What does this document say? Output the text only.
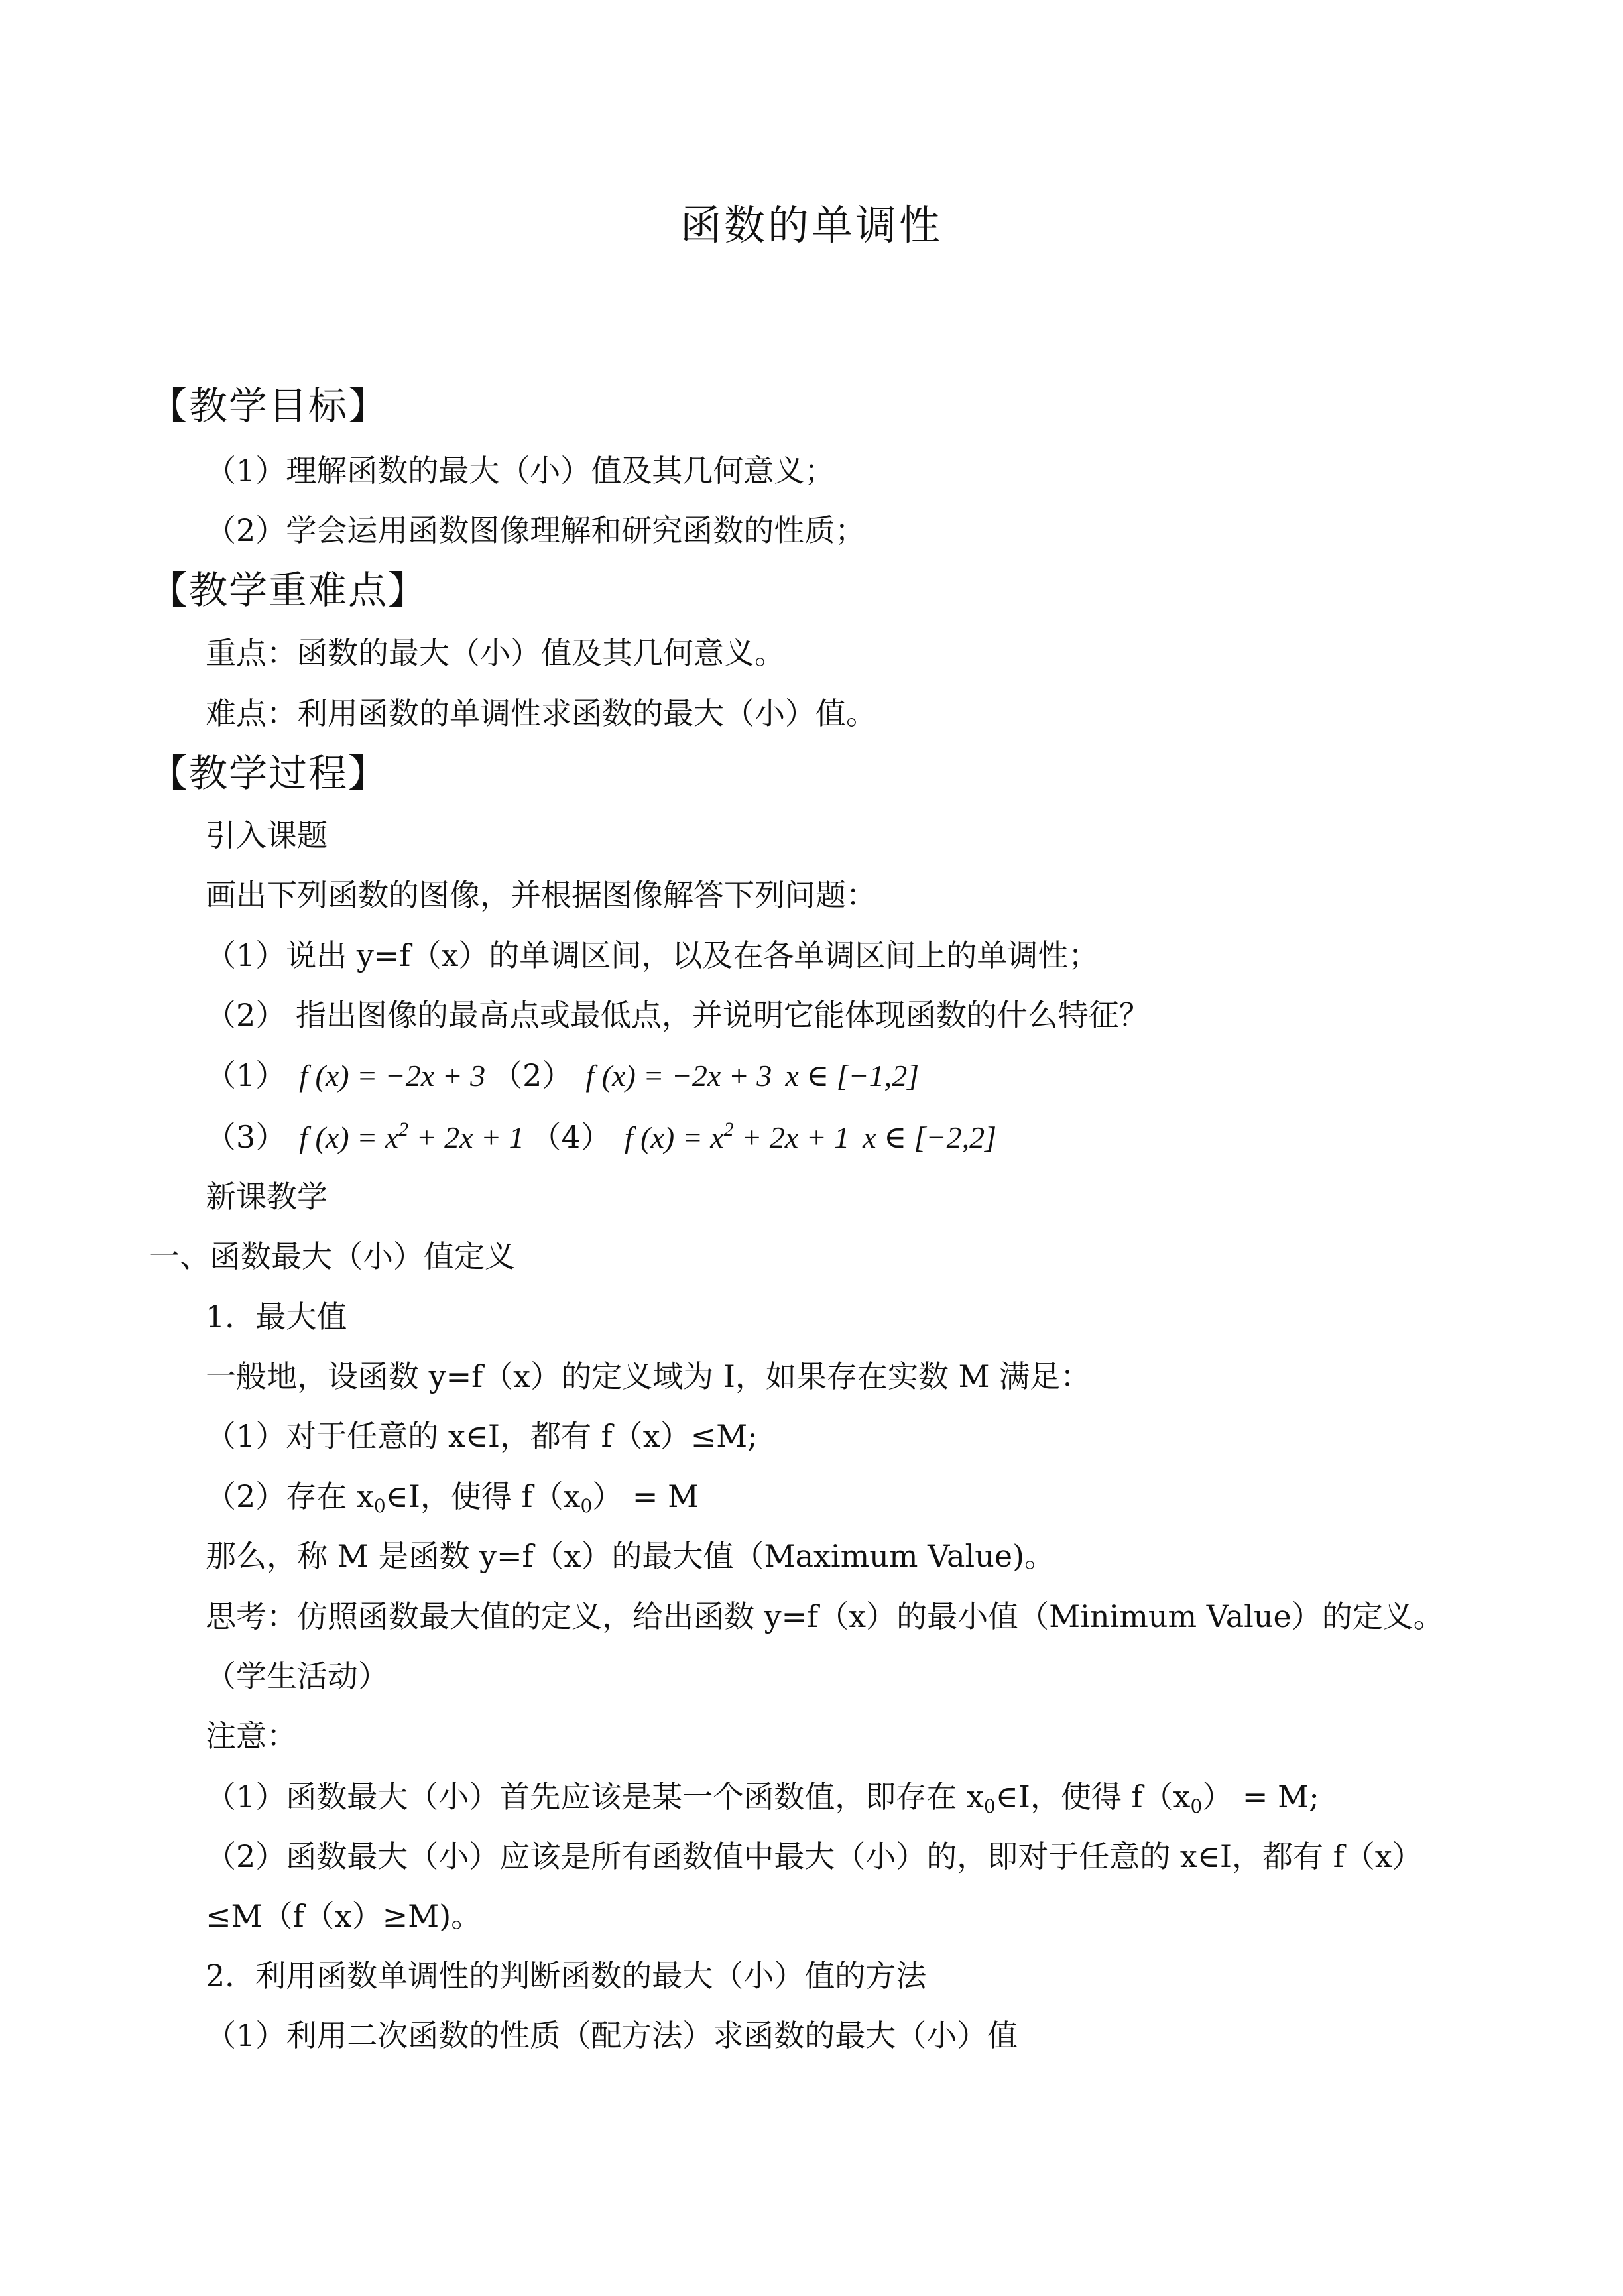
函数的单调性
【教学目标】
（1）理解函数的最大（小）值及其几何意义；
（2）学会运用函数图像理解和研究函数的性质；
【教学重难点】
重点：函数的最大（小）值及其几何意义。
难点：利用函数的单调性求函数的最大（小）值。
【教学过程】
引入课题
画出下列函数的图像，并根据图像解答下列问题：
（1）说出 y=f（x）的单调区间，以及在各单调区间上的单调性；
（2） 指出图像的最高点或最低点，并说明它能体现函数的什么特征？
（1） f (x) = −2x + 3 （2） f (x) = −2x + 3 x ∈ [−1,2]
（3） f $(x) = x^2 + 2x + 1$ （4） f $(x) = x^2 + 2x + 1$ x ∈ [−2,2]
新课教学
一、函数最大（小）值定义
1．最大值
一般地，设函数 y=f（x）的定义域为 I，如果存在实数 M 满足：
（1）对于任意的 x∈I，都有 f（x）≤M;
（2）存在 $x_0\in I$，使得 $f(x_0) = M$
那么，称 M 是函数 y=f（x）的最大值（Maximum Value)。
思考：仿照函数最大值的定义，给出函数 y=f（x）的最小值（Minimum Value）的定义。
（学生活动）
注意：
（1）函数最大（小）首先应该是某一个函数值，即存在 $x_0\in I$，使得 $f(x_0) = M$;
（2）函数最大（小）应该是所有函数值中最大（小）的，即对于任意的 x∈I，都有 f（x）
≤M（f（x）≥M)。
2．利用函数单调性的判断函数的最大（小）值的方法
（1）利用二次函数的性质（配方法）求函数的最大（小）值
